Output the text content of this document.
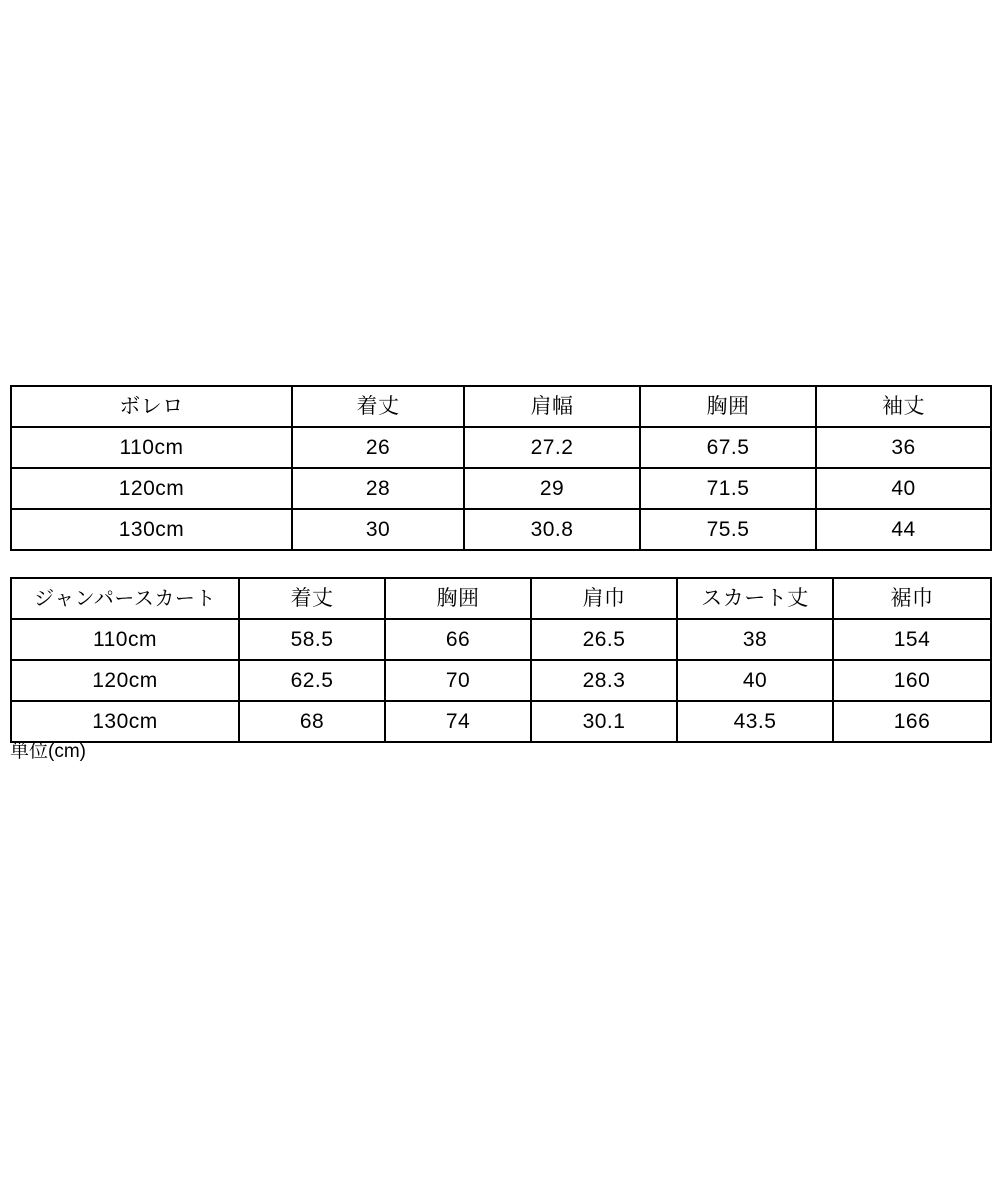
ボレロ	着丈	肩幅	胸囲	袖丈
110cm	26	27.2	67.5	36
120cm	28	29	71.5	40
130cm	30	30.8	75.5	44
ジャンパースカート	着丈	胸囲	肩巾	スカート丈	裾巾
110cm	58.5	66	26.5	38	154
120cm	62.5	70	28.3	40	160
130cm	68	74	30.1	43.5	166
単位(cm)
